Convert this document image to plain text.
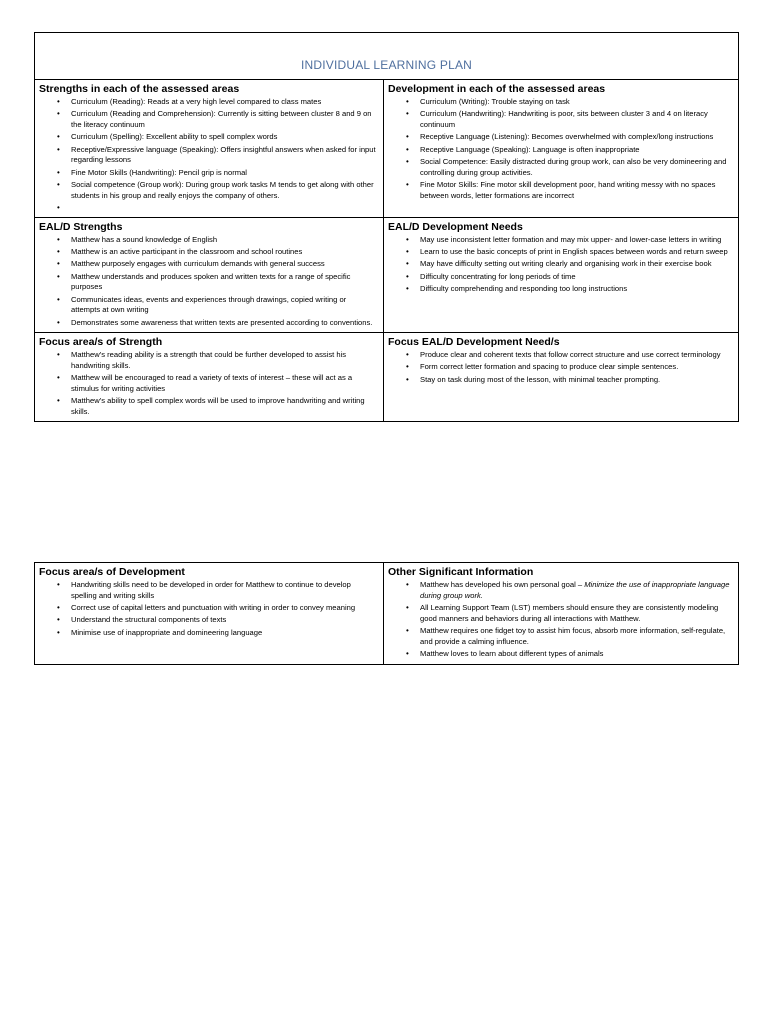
INDIVIDUAL LEARNING PLAN
Strengths in each of the assessed areas
• Curriculum (Reading): Reads at a very high level compared to class mates
• Curriculum (Reading and Comprehension): Currently is sitting between cluster 8 and 9 on the literacy continuum
• Curriculum (Spelling): Excellent ability to spell complex words
• Receptive/Expressive language (Speaking): Offers insightful answers when asked for input regarding lessons
• Fine Motor Skills (Handwriting): Pencil grip is normal
• Social competence (Group work): During group work tasks M tends to get along with other students in his group and really enjoys the company of others.
•
Development in each of the assessed areas
• Curriculum (Writing): Trouble staying on task
• Curriculum (Handwriting): Handwriting is poor, sits between cluster 3 and 4 on literacy continuum
• Receptive Language (Listening): Becomes overwhelmed with complex/long instructions
• Receptive Language (Speaking): Language is often inappropriate
• Social Competence: Easily distracted during group work, can also be very domineering and controlling during group activities.
• Fine Motor Skills: Fine motor skill development poor, hand writing messy with no spaces between words, letter formations are incorrect
EAL/D Strengths
• Matthew has a sound knowledge of English
• Matthew is an active participant in the classroom and school routines
• Matthew purposely engages with curriculum demands with general success
• Matthew understands and produces spoken and written texts for a range of specific purposes
• Communicates ideas, events and experiences through drawings, copied writing or attempts at own writing
• Demonstrates some awareness that written texts are presented according to conventions.
EAL/D Development Needs
• May use inconsistent letter formation and may mix upper- and lower-case letters in writing
• Learn to use the basic concepts of print in English spaces between words and return sweep
• May have difficulty setting out writing clearly and organising work in their exercise book
• Difficulty concentrating for long periods of time
• Difficulty comprehending and responding too long instructions
Focus area/s of Strength
• Matthew’s reading ability is a strength that could be further developed to assist his handwriting skills.
• Matthew will be encouraged to read a variety of texts of interest – these will act as a stimulus for writing activities
• Matthew’s ability to spell complex words will be used to improve handwriting and writing skills.
Focus EAL/D Development Need/s
• Produce clear and coherent texts that follow correct structure and use correct terminology
• Form correct letter formation and spacing to produce clear simple sentences.
• Stay on task during most of the lesson, with minimal teacher prompting.
Focus area/s of Development
• Handwriting skills need to be developed in order for Matthew to continue to develop spelling and writing skills
• Correct use of capital letters and punctuation with writing in order to convey meaning
• Understand the structural components of texts
• Minimise use of inappropriate and domineering language
Other Significant Information
• Matthew has developed his own personal goal – Minimize the use of inappropriate language during group work.
• All Learning Support Team (LST) members should ensure they are consistently modeling good manners and behaviors during all interactions with Matthew.
• Matthew requires one fidget toy to assist him focus, absorb more information, self-regulate, and provide a calming influence.
• Matthew loves to learn about different types of animals
